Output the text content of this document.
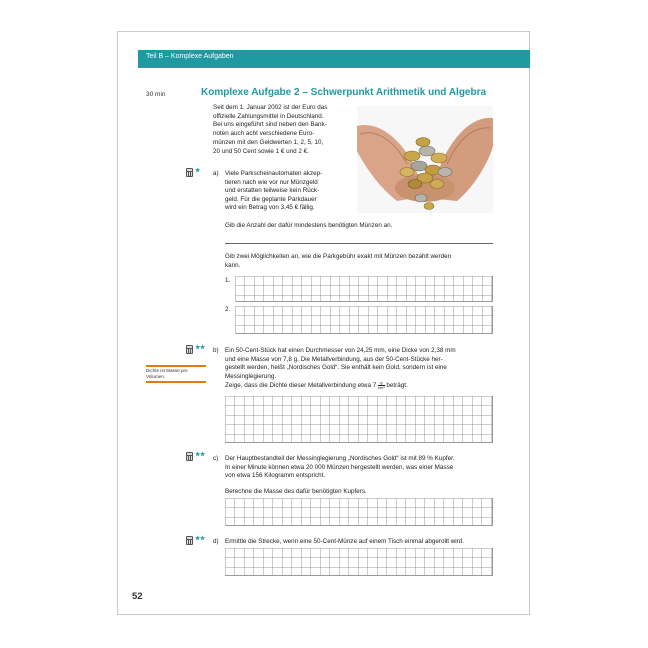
Teil B – Komplexe Aufgaben
30 min	Komplexe Aufgabe 2 – Schwerpunkt Arithmetik und Algebra
Seit dem 1. Januar 2002 ist der Euro das
offizielle Zahlungsmittel in Deutschland.
Bei uns eingeführt sind neben den Bank-
noten auch acht verschiedene Euro-
münzen mit den Geldwerten 1, 2, 5, 10,
20 und 50 Cent sowie 1 € und 2 €.
★ a) Viele Parkscheinautomaten akzep-
tieren nach wie vor nur Münzgeld
und erstatten teilweise kein Rück-
geld. Für die geplante Parkdauer
wird ein Betrag von 3,45 € fällig.
Gib die Anzahl der dafür mindestens benötigten Münzen an.
Gib zwei Möglichkeiten an, wie die Parkgebühr exakt mit Münzen bezahlt werden
kann.
1.
2.
★★ b) Ein 50-Cent-Stück hat einen Durchmesser von 24,25 mm, eine Dicke von 2,38 mm
und eine Masse von 7,8 g. Die Metallverbindung, aus der 50-Cent-Stücke her-
gestellt werden, heißt „Nordisches Gold“. Sie enthält kein Gold, sondern ist eine
Messinglegierung.
Zeige, dass die Dichte dieser Metallverbindung etwa $7 \frac{g}{\text{cm³}}$ beträgt.
Dichte ist Masse pro Volumen.
★★ c) Der Hauptbestandteil der Messinglegierung „Nordisches Gold“ ist mit 89 % Kupfer.
In einer Minute können etwa 20 000 Münzen hergestellt werden, was einer Masse
von etwa 156 Kilogramm entspricht.
Berechne die Masse des dafür benötigten Kupfers.
★★ d) Ermittle die Strecke, wenn eine 50-Cent-Münze auf einem Tisch einmal abgerollt wird.
52
